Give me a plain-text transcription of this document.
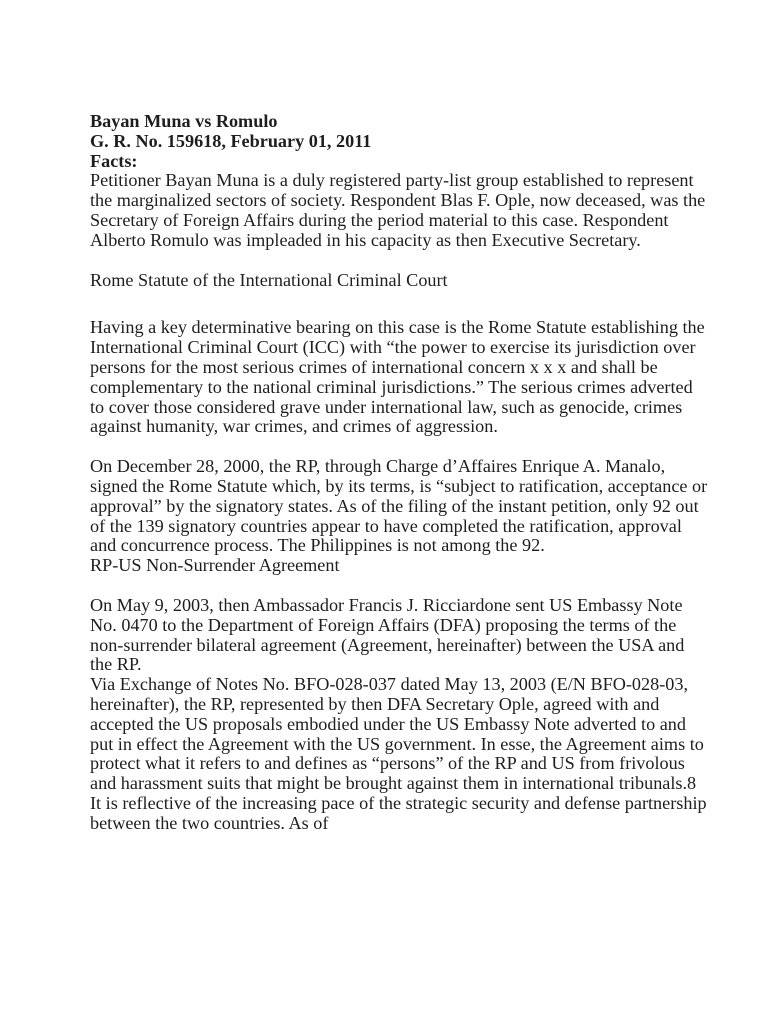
Bayan Muna vs Romulo

G. R. No. 159618, February 01, 2011

Facts:

Petitioner Bayan Muna is a duly registered party-list group established to represent the marginalized sectors of society. Respondent Blas F. Ople, now deceased, was the Secretary of Foreign Affairs during the period material to this case. Respondent Alberto Romulo was impleaded in his capacity as then Executive Secretary.

Rome Statute of the International Criminal Court

Having a key determinative bearing on this case is the Rome Statute establishing the International Criminal Court (ICC) with “the power to exercise its jurisdiction over persons for the most serious crimes of international concern x x x and shall be complementary to the national criminal jurisdictions.” The serious crimes adverted to cover those considered grave under international law, such as genocide, crimes against humanity, war crimes, and crimes of aggression.

On December 28, 2000, the RP, through Charge d’Affaires Enrique A. Manalo, signed the Rome Statute which, by its terms, is “subject to ratification, acceptance or approval” by the signatory states. As of the filing of the instant petition, only 92 out of the 139 signatory countries appear to have completed the ratification, approval and concurrence process. The Philippines is not among the 92.

RP-US Non-Surrender Agreement

On May 9, 2003, then Ambassador Francis J. Ricciardone sent US Embassy Note No. 0470 to the Department of Foreign Affairs (DFA) proposing the terms of the non-surrender bilateral agreement (Agreement, hereinafter) between the USA and the RP.

Via Exchange of Notes No. BFO-028-037 dated May 13, 2003 (E/N BFO-028-03, hereinafter), the RP, represented by then DFA Secretary Ople, agreed with and accepted the US proposals embodied under the US Embassy Note adverted to and put in effect the Agreement with the US government. In esse, the Agreement aims to protect what it refers to and defines as “persons” of the RP and US from frivolous and harassment suits that might be brought against them in international tribunals.8 It is reflective of the increasing pace of the strategic security and defense partnership between the two countries. As of
